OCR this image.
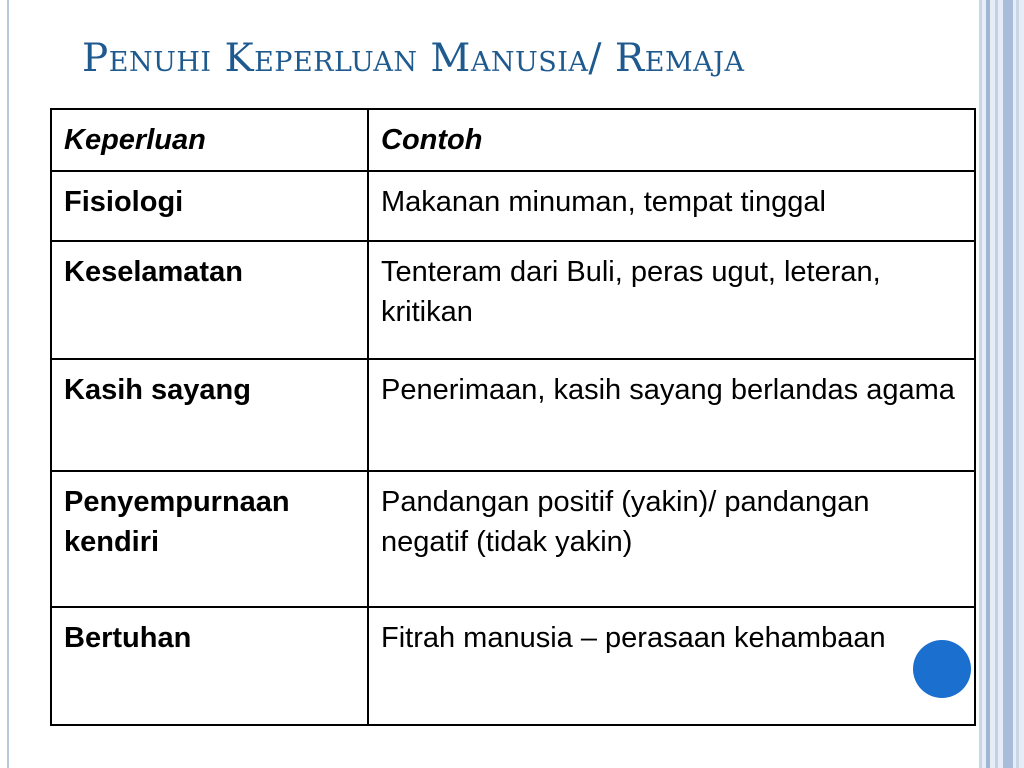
Penuhi Keperluan Manusia/ Remaja
Keperluan	Contoh
Fisiologi	Makanan minuman, tempat tinggal
Keselamatan	Tenteram dari Buli, peras ugut, leteran, kritikan
Kasih sayang	Penerimaan, kasih sayang berlandas agama
Penyempurnaan kendiri	Pandangan positif (yakin)/ pandangan negatif (tidak yakin)
Bertuhan	Fitrah manusia – perasaan kehambaan
